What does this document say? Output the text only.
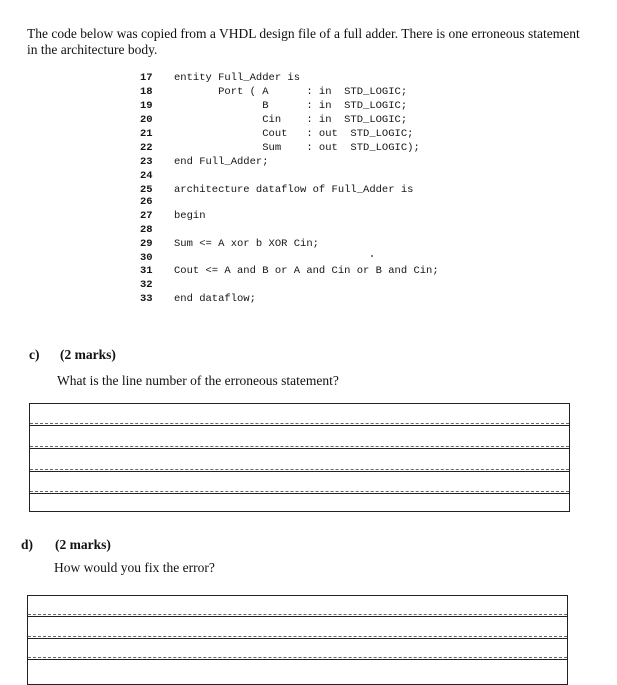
The code below was copied from a VHDL design file of a full adder. There is one erroneous statement in the architecture body.
17	entity Full_Adder is
18	Port ( A      : in  STD_LOGIC;
19	B      : in  STD_LOGIC;
20	Cin    : in  STD_LOGIC;
21	Cout   : out  STD_LOGIC;
22	Sum    : out  STD_LOGIC);
23	end Full_Adder;
24
25	architecture dataflow of Full_Adder is
26
27	begin
28
29	Sum <= A xor b XOR Cin;
30
31	Cout <= A and B or A and Cin or B and Cin;
32
33	end dataflow;
c) (2 marks)
What is the line number of the erroneous statement?
d) (2 marks)
How would you fix the error?
